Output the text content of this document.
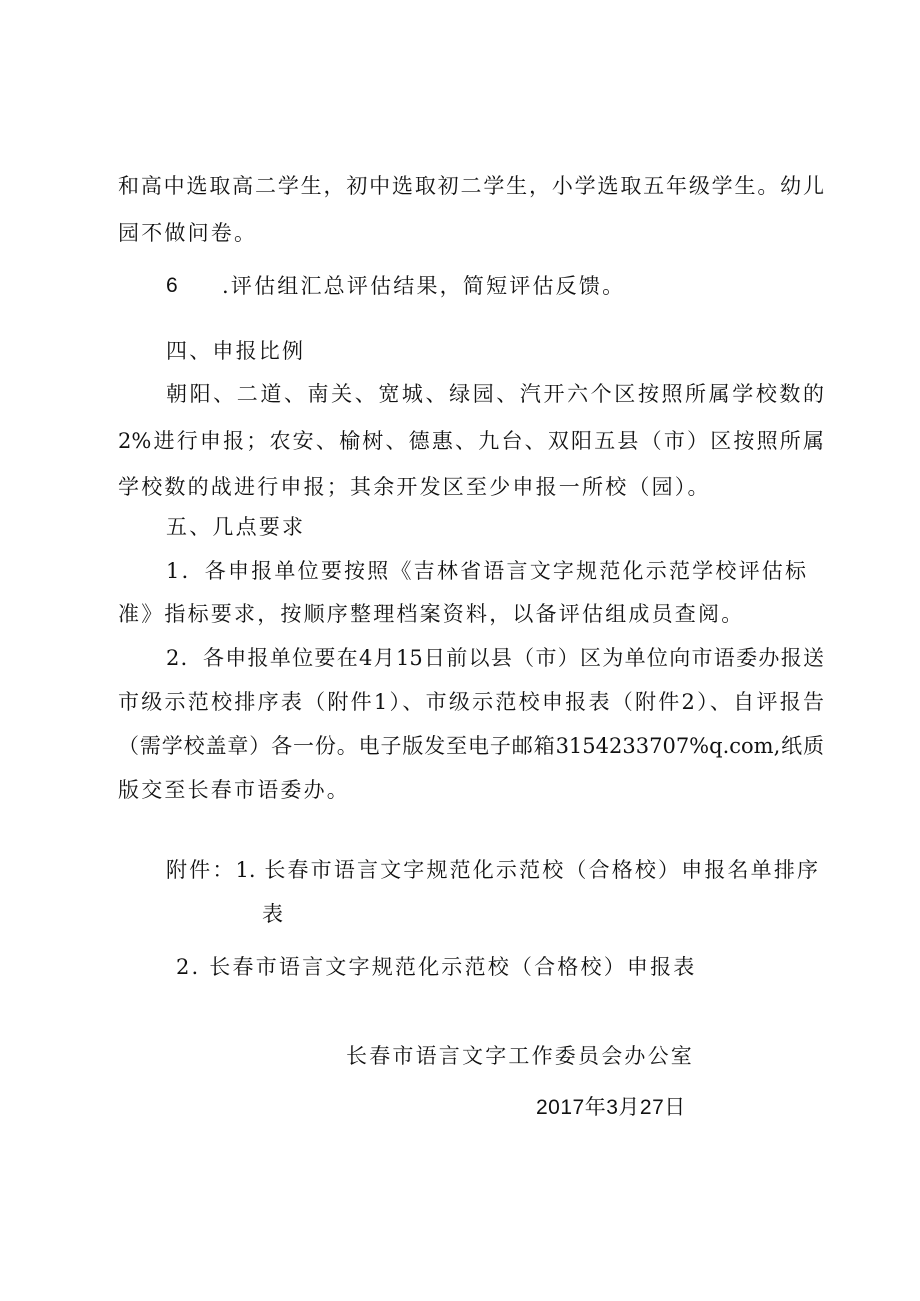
和高中选取高二学生，初中选取初二学生，小学选取五年级学生。幼儿
园不做问卷。
6 .评估组汇总评估结果，简短评估反馈。
四、申报比例
朝阳、二道、南关、宽城、绿园、汽开六个区按照所属学校数的
2%进行申报；农安、榆树、德惠、九台、双阳五县（市）区按照所属
学校数的战进行申报；其余开发区至少申报一所校（园）。
五、几点要求
1．各申报单位要按照《吉林省语言文字规范化示范学校评估标
准》指标要求，按顺序整理档案资料，以备评估组成员查阅。
2．各申报单位要在4月15日前以县（市）区为单位向市语委办报送
市级示范校排序表（附件1）、市级示范校申报表（附件2）、自评报告
（需学校盖章）各一份。电子版发至电子邮箱3154233707%q.com,纸质
版交至长春市语委办。
附件：1. 长春市语言文字规范化示范校（合格校）申报名单排序
表
2. 长春市语言文字规范化示范校（合格校）申报表
长春市语言文字工作委员会办公室
2017年3月27日
